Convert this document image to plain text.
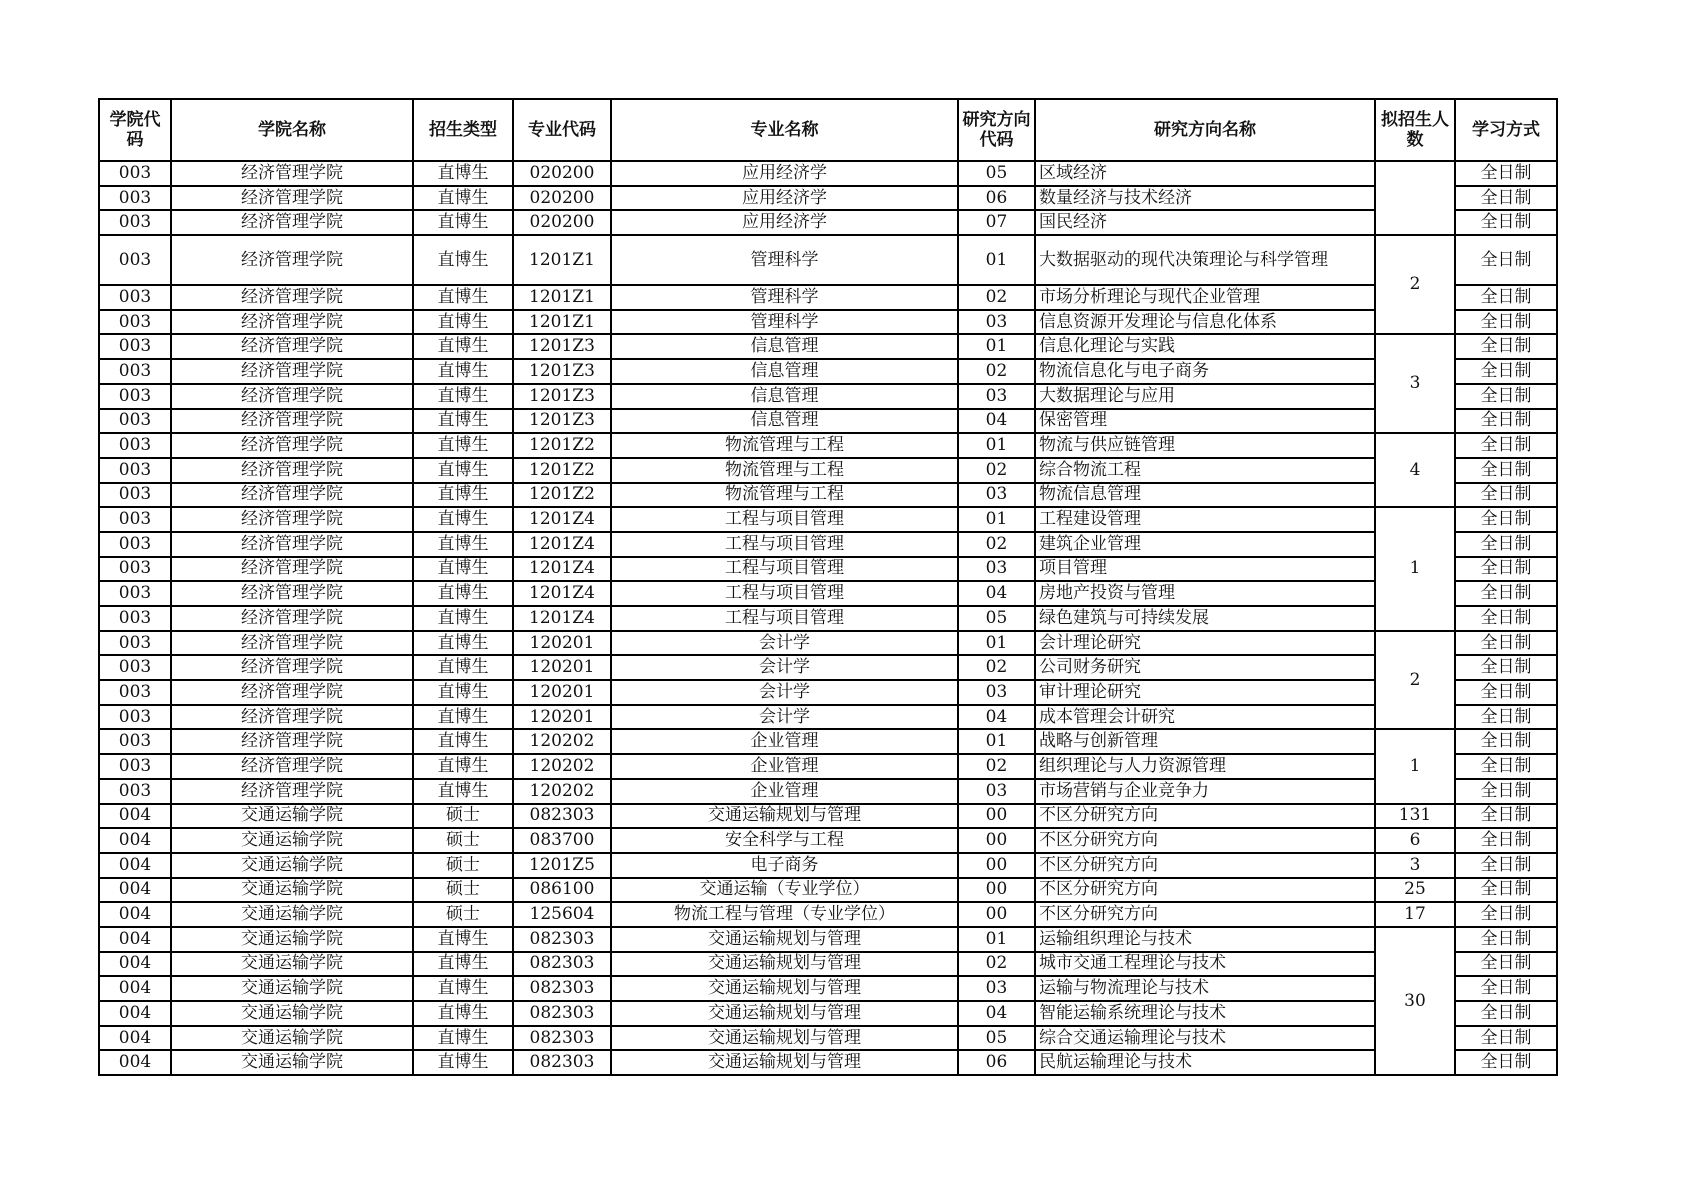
学院代码	学院名称	招生类型	专业代码	专业名称	研究方向代码	研究方向名称	拟招生人数	学习方式
003	经济管理学院	直博生	020200	应用经济学	05	区域经济		全日制
003	经济管理学院	直博生	020200	应用经济学	06	数量经济与技术经济		全日制
003	经济管理学院	直博生	020200	应用经济学	07	国民经济		全日制
003	经济管理学院	直博生	1201Z1	管理科学	01	大数据驱动的现代决策理论与科学管理	2	全日制
003	经济管理学院	直博生	1201Z1	管理科学	02	市场分析理论与现代企业管理		全日制
003	经济管理学院	直博生	1201Z1	管理科学	03	信息资源开发理论与信息化体系		全日制
003	经济管理学院	直博生	1201Z3	信息管理	01	信息化理论与实践	3	全日制
003	经济管理学院	直博生	1201Z3	信息管理	02	物流信息化与电子商务		全日制
003	经济管理学院	直博生	1201Z3	信息管理	03	大数据理论与应用		全日制
003	经济管理学院	直博生	1201Z3	信息管理	04	保密管理		全日制
003	经济管理学院	直博生	1201Z2	物流管理与工程	01	物流与供应链管理	4	全日制
003	经济管理学院	直博生	1201Z2	物流管理与工程	02	综合物流工程		全日制
003	经济管理学院	直博生	1201Z2	物流管理与工程	03	物流信息管理		全日制
003	经济管理学院	直博生	1201Z4	工程与项目管理	01	工程建设管理	1	全日制
003	经济管理学院	直博生	1201Z4	工程与项目管理	02	建筑企业管理		全日制
003	经济管理学院	直博生	1201Z4	工程与项目管理	03	项目管理		全日制
003	经济管理学院	直博生	1201Z4	工程与项目管理	04	房地产投资与管理		全日制
003	经济管理学院	直博生	1201Z4	工程与项目管理	05	绿色建筑与可持续发展		全日制
003	经济管理学院	直博生	120201	会计学	01	会计理论研究	2	全日制
003	经济管理学院	直博生	120201	会计学	02	公司财务研究		全日制
003	经济管理学院	直博生	120201	会计学	03	审计理论研究		全日制
003	经济管理学院	直博生	120201	会计学	04	成本管理会计研究		全日制
003	经济管理学院	直博生	120202	企业管理	01	战略与创新管理	1	全日制
003	经济管理学院	直博生	120202	企业管理	02	组织理论与人力资源管理		全日制
003	经济管理学院	直博生	120202	企业管理	03	市场营销与企业竞争力		全日制
004	交通运输学院	硕士	082303	交通运输规划与管理	00	不区分研究方向	131	全日制
004	交通运输学院	硕士	083700	安全科学与工程	00	不区分研究方向	6	全日制
004	交通运输学院	硕士	1201Z5	电子商务	00	不区分研究方向	3	全日制
004	交通运输学院	硕士	086100	交通运输（专业学位）	00	不区分研究方向	25	全日制
004	交通运输学院	硕士	125604	物流工程与管理（专业学位）	00	不区分研究方向	17	全日制
004	交通运输学院	直博生	082303	交通运输规划与管理	01	运输组织理论与技术	30	全日制
004	交通运输学院	直博生	082303	交通运输规划与管理	02	城市交通工程理论与技术		全日制
004	交通运输学院	直博生	082303	交通运输规划与管理	03	运输与物流理论与技术		全日制
004	交通运输学院	直博生	082303	交通运输规划与管理	04	智能运输系统理论与技术		全日制
004	交通运输学院	直博生	082303	交通运输规划与管理	05	综合交通运输理论与技术		全日制
004	交通运输学院	直博生	082303	交通运输规划与管理	06	民航运输理论与技术		全日制
